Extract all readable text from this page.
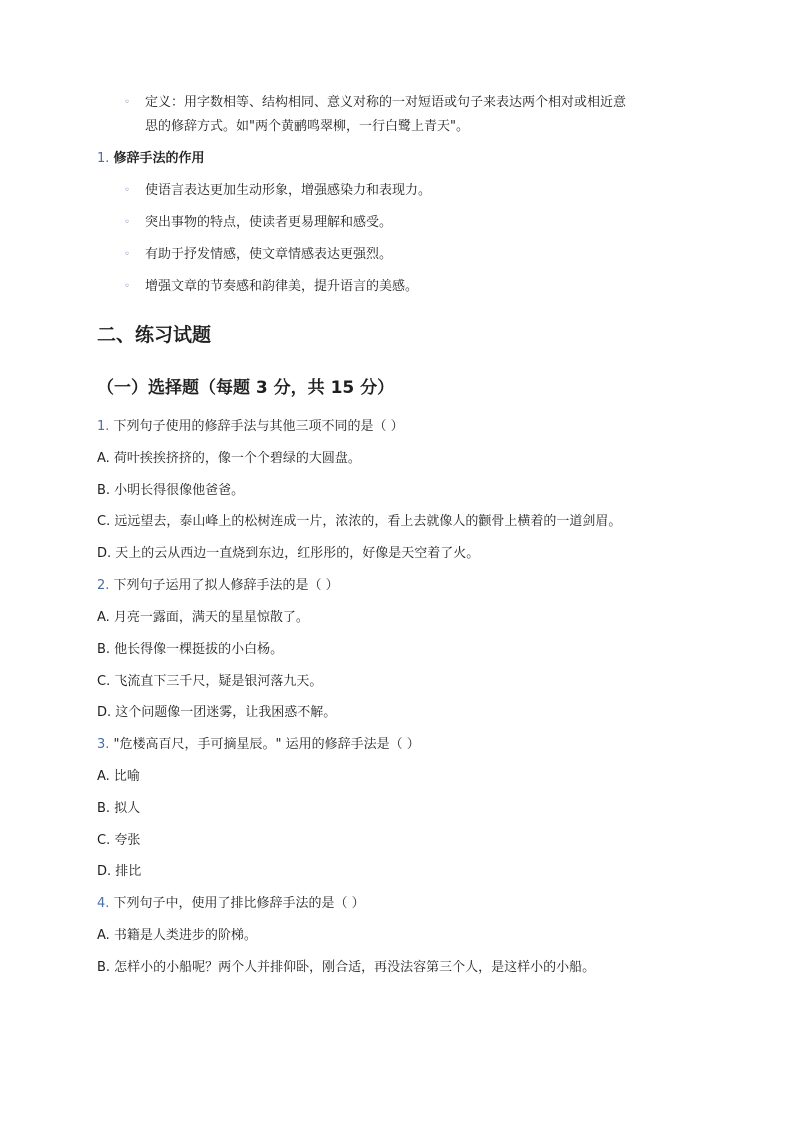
◦ 定义：用字数相等、结构相同、意义对称的一对短语或句子来表达两个相对或相近意
思的修辞方式。如"两个黄鹂鸣翠柳，一行白鹭上青天"。
1. 修辞手法的作用
◦ 使语言表达更加生动形象，增强感染力和表现力。
◦ 突出事物的特点，使读者更易理解和感受。
◦ 有助于抒发情感，使文章情感表达更强烈。
◦ 增强文章的节奏感和韵律美，提升语言的美感。
二、练习试题
（一）选择题（每题 3 分，共 15 分）
1. 下列句子使用的修辞手法与其他三项不同的是（ ）
A. 荷叶挨挨挤挤的，像一个个碧绿的大圆盘。
B. 小明长得很像他爸爸。
C. 远远望去，泰山峰上的松树连成一片，浓浓的，看上去就像人的颧骨上横着的一道剑眉。
D. 天上的云从西边一直烧到东边，红彤彤的，好像是天空着了火。
2. 下列句子运用了拟人修辞手法的是（ ）
A. 月亮一露面，满天的星星惊散了。
B. 他长得像一棵挺拔的小白杨。
C. 飞流直下三千尺，疑是银河落九天。
D. 这个问题像一团迷雾，让我困惑不解。
3. "危楼高百尺，手可摘星辰。" 运用的修辞手法是（ ）
A. 比喻
B. 拟人
C. 夸张
D. 排比
4. 下列句子中，使用了排比修辞手法的是（ ）
A. 书籍是人类进步的阶梯。
B. 怎样小的小船呢？两个人并排仰卧，刚合适，再没法容第三个人，是这样小的小船。
